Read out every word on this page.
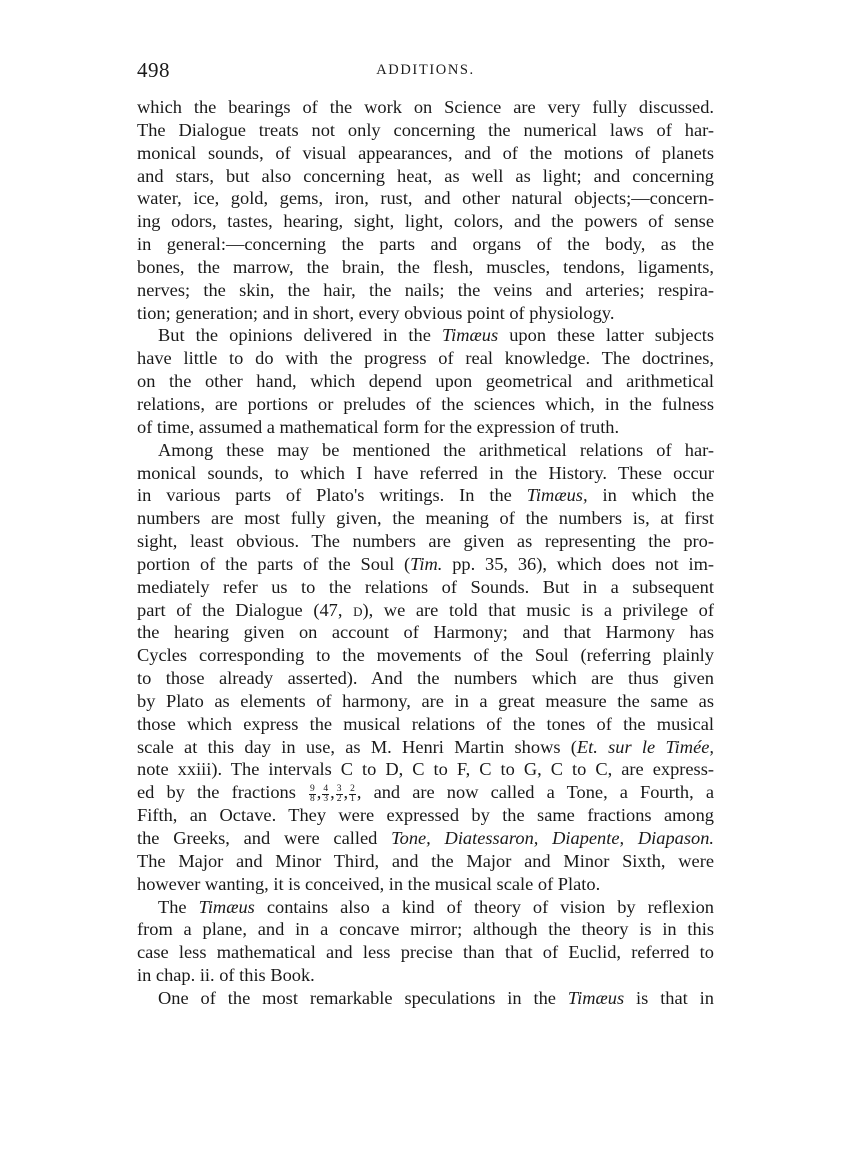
498	ADDITIONS.
which the bearings of the work on Science are very fully discussed.
The Dialogue treats not only concerning the numerical laws of har-
monical sounds, of visual appearances, and of the motions of planets
and stars, but also concerning heat, as well as light; and concerning
water, ice, gold, gems, iron, rust, and other natural objects;—concern-
ing odors, tastes, hearing, sight, light, colors, and the powers of sense
in general:—concerning the parts and organs of the body, as the
bones, the marrow, the brain, the flesh, muscles, tendons, ligaments,
nerves; the skin, the hair, the nails; the veins and arteries; respira-
tion; generation; and in short, every obvious point of physiology.
But the opinions delivered in the Timæus upon these latter subjects
have little to do with the progress of real knowledge. The doctrines,
on the other hand, which depend upon geometrical and arithmetical
relations, are portions or preludes of the sciences which, in the fulness
of time, assumed a mathematical form for the expression of truth.
Among these may be mentioned the arithmetical relations of har-
monical sounds, to which I have referred in the History. These occur
in various parts of Plato's writings. In the Timæus, in which the
numbers are most fully given, the meaning of the numbers is, at first
sight, least obvious. The numbers are given as representing the pro-
portion of the parts of the Soul (Tim. pp. 35, 36), which does not im-
mediately refer us to the relations of Sounds. But in a subsequent
part of the Dialogue (47, D), we are told that music is a privilege of
the hearing given on account of Harmony; and that Harmony has
Cycles corresponding to the movements of the Soul (referring plainly
to those already asserted). And the numbers which are thus given
by Plato as elements of harmony, are in a great measure the same as
those which express the musical relations of the tones of the musical
scale at this day in use, as M. Henri Martin shows (Et. sur le Timée,
note xxiii). The intervals C to D, C to F, C to G, C to C, are express-
ed by the fractions $\frac{9}{8}$ , $\frac{4}{3}$ , $\frac{3}{2}$ , $\frac{2}{1}$ , and are now called a Tone, a Fourth, a
Fifth, an Octave. They were expressed by the same fractions among
the Greeks, and were called Tone, Diatessaron, Diapente, Diapason.
The Major and Minor Third, and the Major and Minor Sixth, were
however wanting, it is conceived, in the musical scale of Plato.
The Timæus contains also a kind of theory of vision by reflexion
from a plane, and in a concave mirror; although the theory is in this
case less mathematical and less precise than that of Euclid, referred to
in chap. ii. of this Book.
One of the most remarkable speculations in the Timæus is that in
